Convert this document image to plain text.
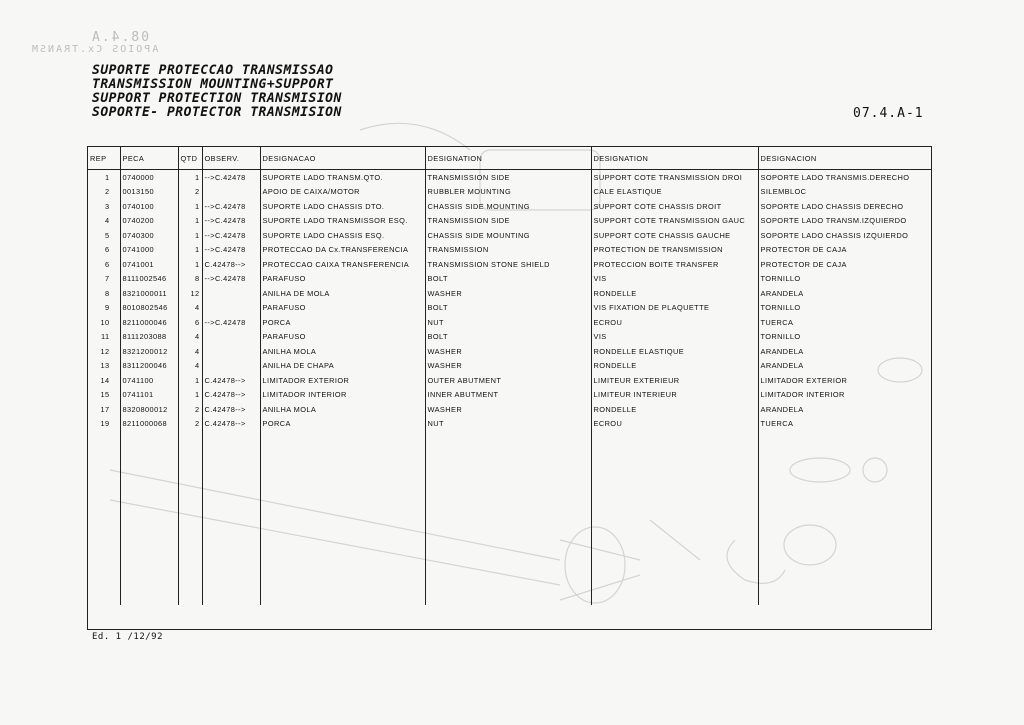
08.4.A
APOIOS Cx.TRANSM
SUPORTE PROTECCAO TRANSMISSAO
TRANSMISSION MOUNTING+SUPPORT
SUPPORT PROTECTION TRANSMISION
SOPORTE- PROTECTOR TRANSMISION	07.4.A-1
REP	PECA	QTD	OBSERV.	DESIGNACAO	DESIGNATION	DESIGNATION	DESIGNACION
1	0740000	1	-->C.42478	SUPORTE LADO TRANSM.QTO.	TRANSMISSION SIDE	SUPPORT COTE TRANSMISSION DROI	SOPORTE LADO TRANSMIS.DERECHO
2	0013150	2		APOIO DE CAIXA/MOTOR	RUBBLER MOUNTING	CALE ELASTIQUE	SILEMBLOC
3	0740100	1	-->C.42478	SUPORTE LADO CHASSIS DTO.	CHASSIS SIDE MOUNTING	SUPPORT COTE CHASSIS DROIT	SOPORTE LADO CHASSIS DERECHO
4	0740200	1	-->C.42478	SUPORTE LADO TRANSMISSOR ESQ.	TRANSMISSION SIDE	SUPPORT COTE TRANSMISSION GAUC	SOPORTE LADO TRANSM.IZQUIERDO
5	0740300	1	-->C.42478	SUPORTE LADO CHASSIS ESQ.	CHASSIS SIDE MOUNTING	SUPPORT COTE CHASSIS GAUCHE	SOPORTE LADO CHASSIS IZQUIERDO
6	0741000	1	-->C.42478	PROTECCAO DA Cx.TRANSFERENCIA	TRANSMISSION	PROTECTION DE TRANSMISSION	PROTECTOR DE CAJA
6	0741001	1	C.42478-->	PROTECCAO CAIXA TRANSFERENCIA	TRANSMISSION STONE SHIELD	PROTECCION BOITE TRANSFER	PROTECTOR DE CAJA
7	8111002546	8	-->C.42478	PARAFUSO	BOLT	VIS	TORNILLO
8	8321000011	12		ANILHA DE MOLA	WASHER	RONDELLE	ARANDELA
9	8010802546	4		PARAFUSO	BOLT	VIS FIXATION DE PLAQUETTE	TORNILLO
10	8211000046	6	-->C.42478	PORCA	NUT	ECROU	TUERCA
11	8111203088	4		PARAFUSO	BOLT	VIS	TORNILLO
12	8321200012	4		ANILHA MOLA	WASHER	RONDELLE ELASTIQUE	ARANDELA
13	8311200046	4		ANILHA DE CHAPA	WASHER	RONDELLE	ARANDELA
14	0741100	1	C.42478-->	LIMITADOR EXTERIOR	OUTER ABUTMENT	LIMITEUR EXTERIEUR	LIMITADOR EXTERIOR
15	0741101	1	C.42478-->	LIMITADOR INTERIOR	INNER ABUTMENT	LIMITEUR INTERIEUR	LIMITADOR INTERIOR
17	8320800012	2	C.42478-->	ANILHA MOLA	WASHER	RONDELLE	ARANDELA
19	8211000068	2	C.42478-->	PORCA	NUT	ECROU	TUERCA

Ed. 1 /12/92
